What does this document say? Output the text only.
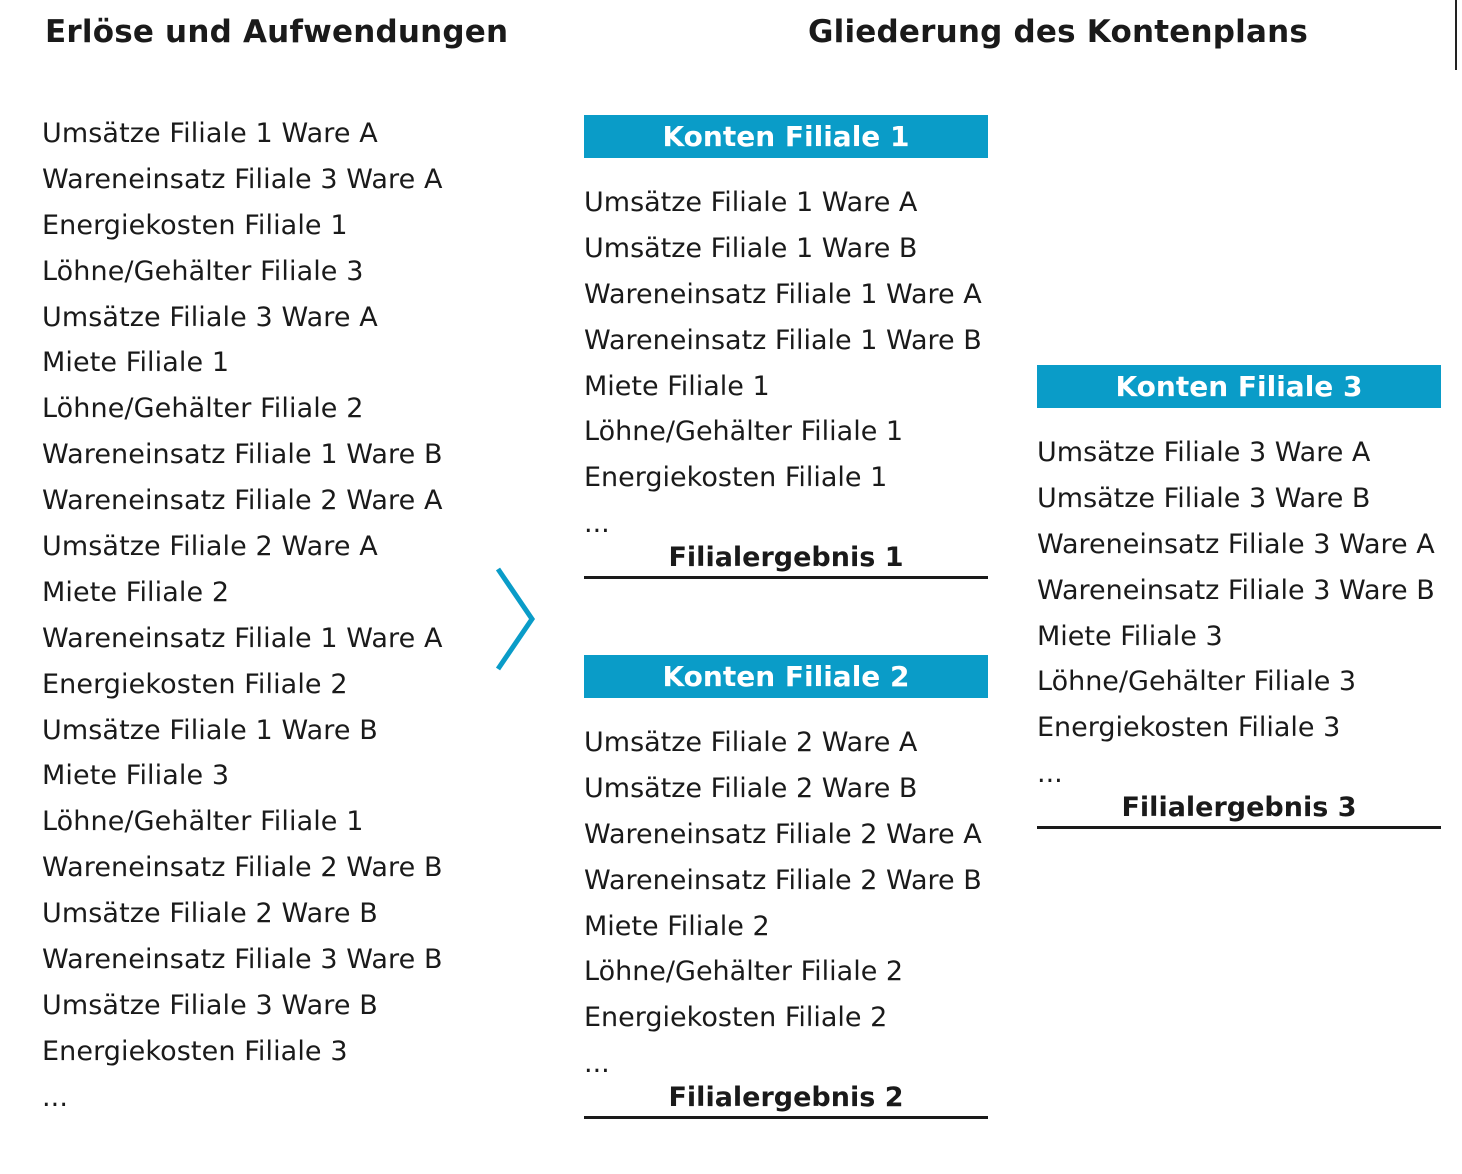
Erlöse und Aufwendungen	Gliederung des Kontenplans
Umsätze Filiale 1 Ware A
Wareneinsatz Filiale 3 Ware A
Energiekosten Filiale 1
Löhne/Gehälter Filiale 3
Umsätze Filiale 3 Ware A
Miete Filiale 1
Löhne/Gehälter Filiale 2
Wareneinsatz Filiale 1 Ware B
Wareneinsatz Filiale 2 Ware A
Umsätze Filiale 2 Ware A
Miete Filiale 2
Wareneinsatz Filiale 1 Ware A
Energiekosten Filiale 2
Umsätze Filiale 1 Ware B
Miete Filiale 3
Löhne/Gehälter Filiale 1
Wareneinsatz Filiale 2 Ware B
Umsätze Filiale 2 Ware B
Wareneinsatz Filiale 3 Ware B
Umsätze Filiale 3 Ware B
Energiekosten Filiale 3
...
Konten Filiale 1
Umsätze Filiale 1 Ware A
Umsätze Filiale 1 Ware B
Wareneinsatz Filiale 1 Ware A
Wareneinsatz Filiale 1 Ware B
Miete Filiale 1
Löhne/Gehälter Filiale 1
Energiekosten Filiale 1
...
Filialergebnis 1
Konten Filiale 2
Umsätze Filiale 2 Ware A
Umsätze Filiale 2 Ware B
Wareneinsatz Filiale 2 Ware A
Wareneinsatz Filiale 2 Ware B
Miete Filiale 2
Löhne/Gehälter Filiale 2
Energiekosten Filiale 2
...
Filialergebnis 2
Konten Filiale 3
Umsätze Filiale 3 Ware A
Umsätze Filiale 3 Ware B
Wareneinsatz Filiale 3 Ware A
Wareneinsatz Filiale 3 Ware B
Miete Filiale 3
Löhne/Gehälter Filiale 3
Energiekosten Filiale 3
...
Filialergebnis 3
